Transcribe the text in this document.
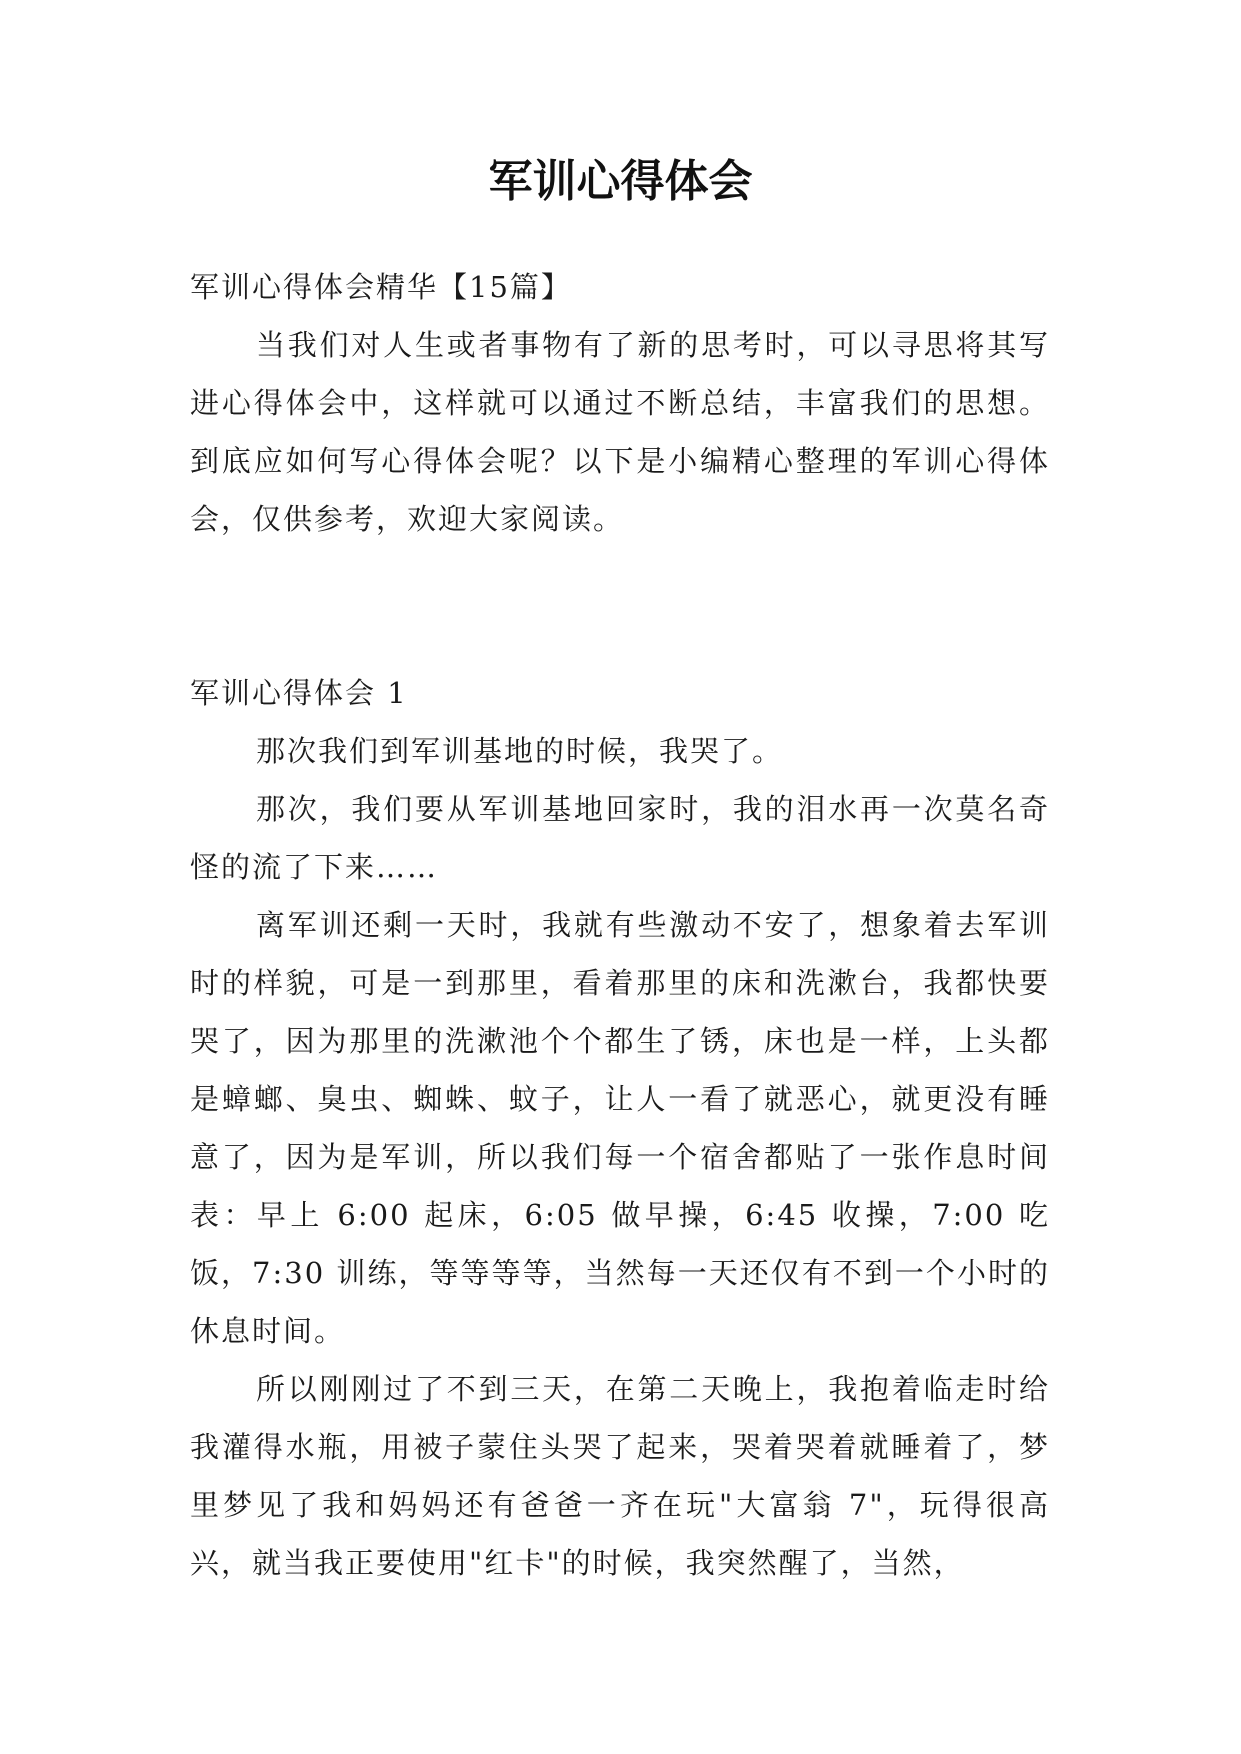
军训心得体会

军训心得体会精华【15篇】

当我们对人生或者事物有了新的思考时，可以寻思将其写进心得体会中，这样就可以通过不断总结，丰富我们的思想。到底应如何写心得体会呢？以下是小编精心整理的军训心得体会，仅供参考，欢迎大家阅读。

军训心得体会 1

那次我们到军训基地的时候，我哭了。

那次，我们要从军训基地回家时，我的泪水再一次莫名奇怪的流了下来……

离军训还剩一天时，我就有些激动不安了，想象着去军训时的样貌，可是一到那里，看着那里的床和洗漱台，我都快要哭了，因为那里的洗漱池个个都生了锈，床也是一样，上头都是蟑螂、臭虫、蜘蛛、蚊子，让人一看了就恶心，就更没有睡意了，因为是军训，所以我们每一个宿舍都贴了一张作息时间表：早上 6:00 起床，6:05 做早操，6:45 收操，7:00 吃饭，7:30 训练，等等等等，当然每一天还仅有不到一个小时的休息时间。

所以刚刚过了不到三天，在第二天晚上，我抱着临走时给我灌得水瓶，用被子蒙住头哭了起来，哭着哭着就睡着了，梦里梦见了我和妈妈还有爸爸一齐在玩"大富翁 7"，玩得很高兴，就当我正要使用"红卡"的时候，我突然醒了，当然，
